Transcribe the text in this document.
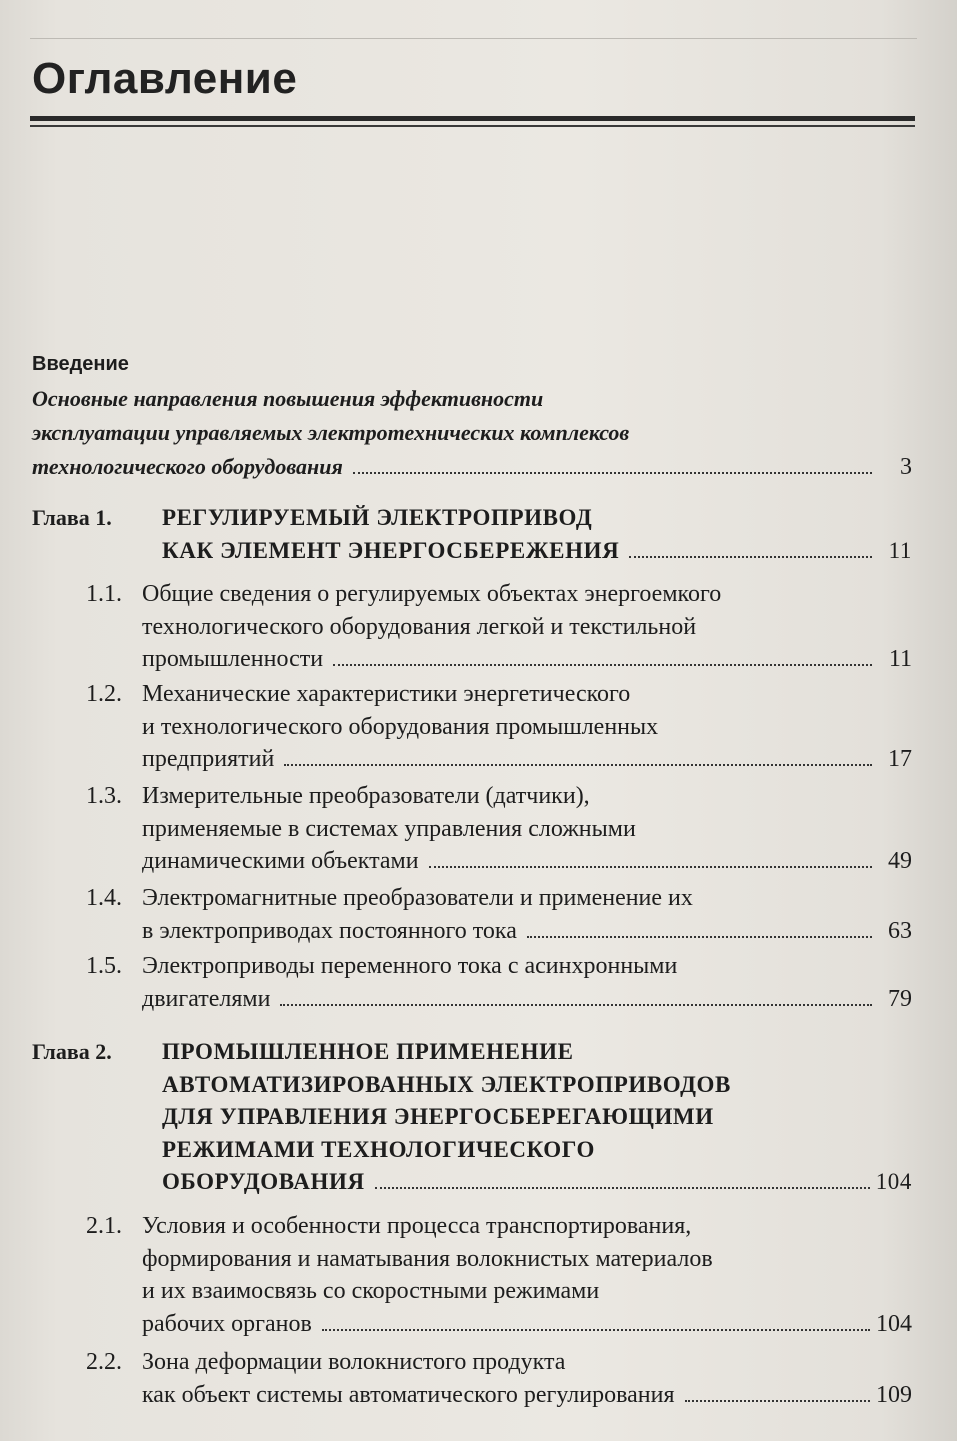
Оглавление
Введение
Основные направления повышения эффективности
эксплуатации управляемых электротехнических комплексов
технологического оборудования	3
Глава 1. РЕГУЛИРУЕМЫЙ ЭЛЕКТРОПРИВОД
КАК ЭЛЕМЕНТ ЭНЕРГОСБЕРЕЖЕНИЯ	11
1.1. Общие сведения о регулируемых объектах энергоемкого
технологического оборудования легкой и текстильной
промышленности	11
1.2. Механические характеристики энергетического
и технологического оборудования промышленных
предприятий	17
1.3. Измерительные преобразователи (датчики),
применяемые в системах управления сложными
динамическими объектами	49
1.4. Электромагнитные преобразователи и применение их
в электроприводах постоянного тока	63
1.5. Электроприводы переменного тока с асинхронными
двигателями	79
Глава 2. ПРОМЫШЛЕННОЕ ПРИМЕНЕНИЕ
АВТОМАТИЗИРОВАННЫХ ЭЛЕКТРОПРИВОДОВ
ДЛЯ УПРАВЛЕНИЯ ЭНЕРГОСБЕРЕГАЮЩИМИ
РЕЖИМАМИ ТЕХНОЛОГИЧЕСКОГО
ОБОРУДОВАНИЯ	104
2.1. Условия и особенности процесса транспортирования,
формирования и наматывания волокнистых материалов
и их взаимосвязь со скоростными режимами
рабочих органов	104
2.2. Зона деформации волокнистого продукта
как объект системы автоматического регулирования	109
